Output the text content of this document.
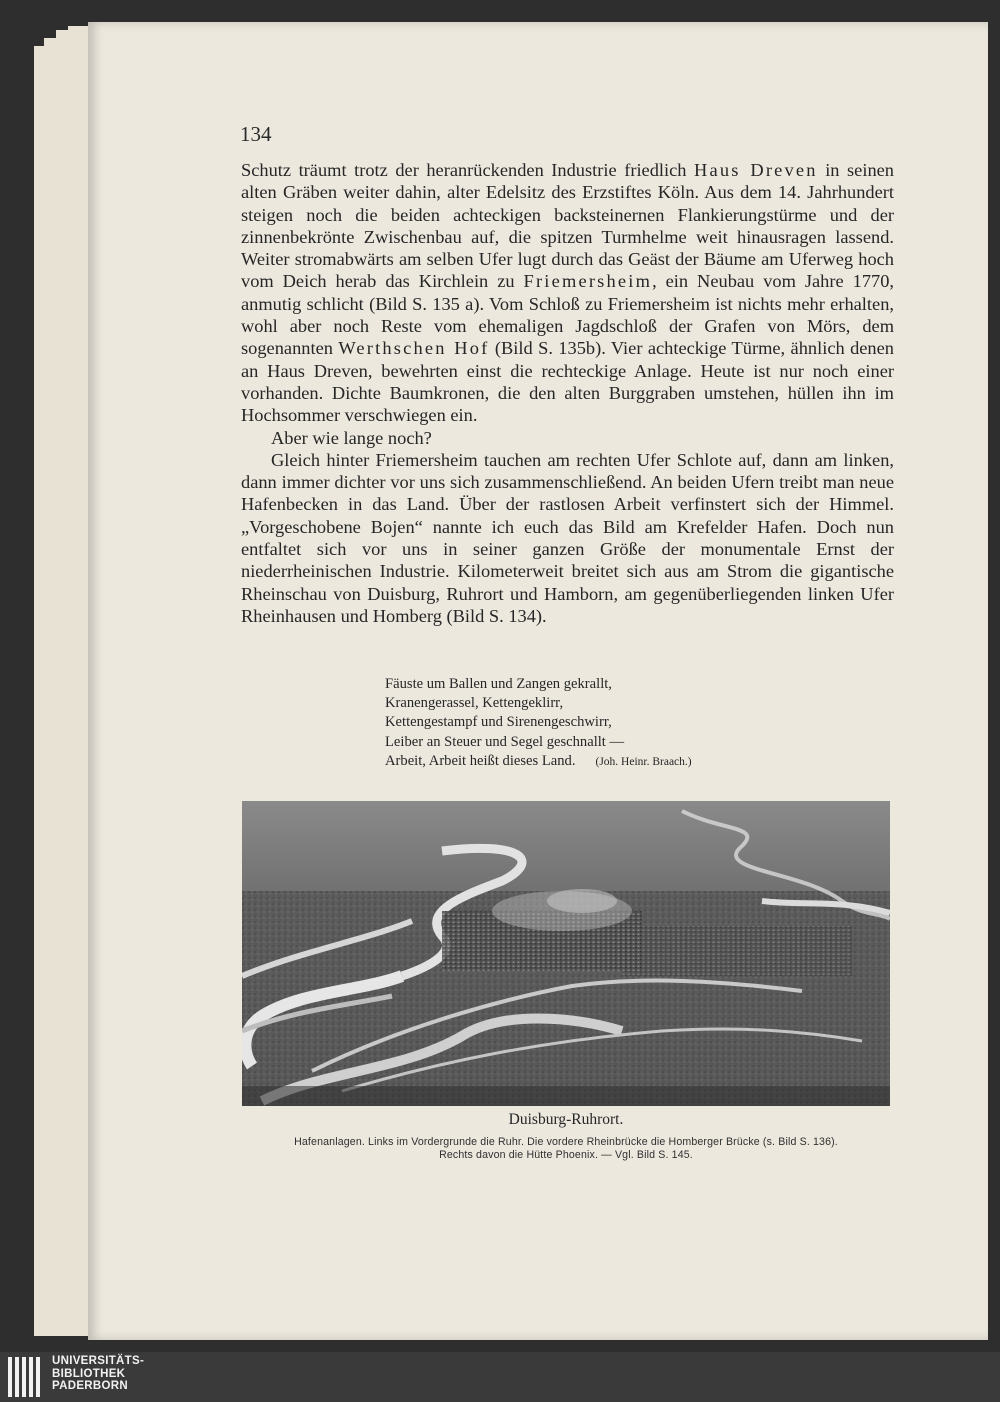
134

Schutz träumt trotz der heranrückenden Industrie friedlich Haus Dreven in seinen alten Gräben weiter dahin, alter Edelsitz des Erzstiftes Köln. Aus dem 14. Jahrhundert steigen noch die beiden achteckigen backsteinernen Flankierungstürme und der zinnenbekrönte Zwischenbau auf, die spitzen Turmhelme weit hinausragen lassend. Weiter stromabwärts am selben Ufer lugt durch das Geäst der Bäume am Uferweg hoch vom Deich herab das Kirchlein zu Friemersheim, ein Neubau vom Jahre 1770, anmutig schlicht (Bild S. 135 a). Vom Schloß zu Friemersheim ist nichts mehr erhalten, wohl aber noch Reste vom ehemaligen Jagdschloß der Grafen von Mörs, dem sogenannten Werthschen Hof (Bild S. 135b). Vier achteckige Türme, ähnlich denen an Haus Dreven, bewehrten einst die rechteckige Anlage. Heute ist nur noch einer vorhanden. Dichte Baumkronen, die den alten Burggraben umstehen, hüllen ihn im Hochsommer verschwiegen ein.

Aber wie lange noch?

Gleich hinter Friemersheim tauchen am rechten Ufer Schlote auf, dann am linken, dann immer dichter vor uns sich zusammenschließend. An beiden Ufern treibt man neue Hafenbecken in das Land. Über der rastlosen Arbeit verfinstert sich der Himmel. „Vorgeschobene Bojen“ nannte ich euch das Bild am Krefelder Hafen. Doch nun entfaltet sich vor uns in seiner ganzen Größe der monumentale Ernst der niederrheinischen Industrie. Kilometerweit breitet sich aus am Strom die gigantische Rheinschau von Duisburg, Ruhrort und Hamborn, am gegenüberliegenden linken Ufer Rheinhausen und Homberg (Bild S. 134).

Fäuste um Ballen und Zangen gekrallt,
Kranengerassel, Kettengeklirr,
Kettengestampf und Sirenengeschwirr,
Leiber an Steuer und Segel geschnallt —
Arbeit, Arbeit heißt dieses Land. (Joh. Heinr. Braach.)
Duisburg-Ruhrort.
Hafenanlagen. Links im Vordergrunde die Ruhr. Die vordere Rheinbrücke die Homberger Brücke (s. Bild S. 136).
Rechts davon die Hütte Phoenix. — Vgl. Bild S. 145.
UNIVERSITÄTS-
BIBLIOTHEK
PADERBORN
